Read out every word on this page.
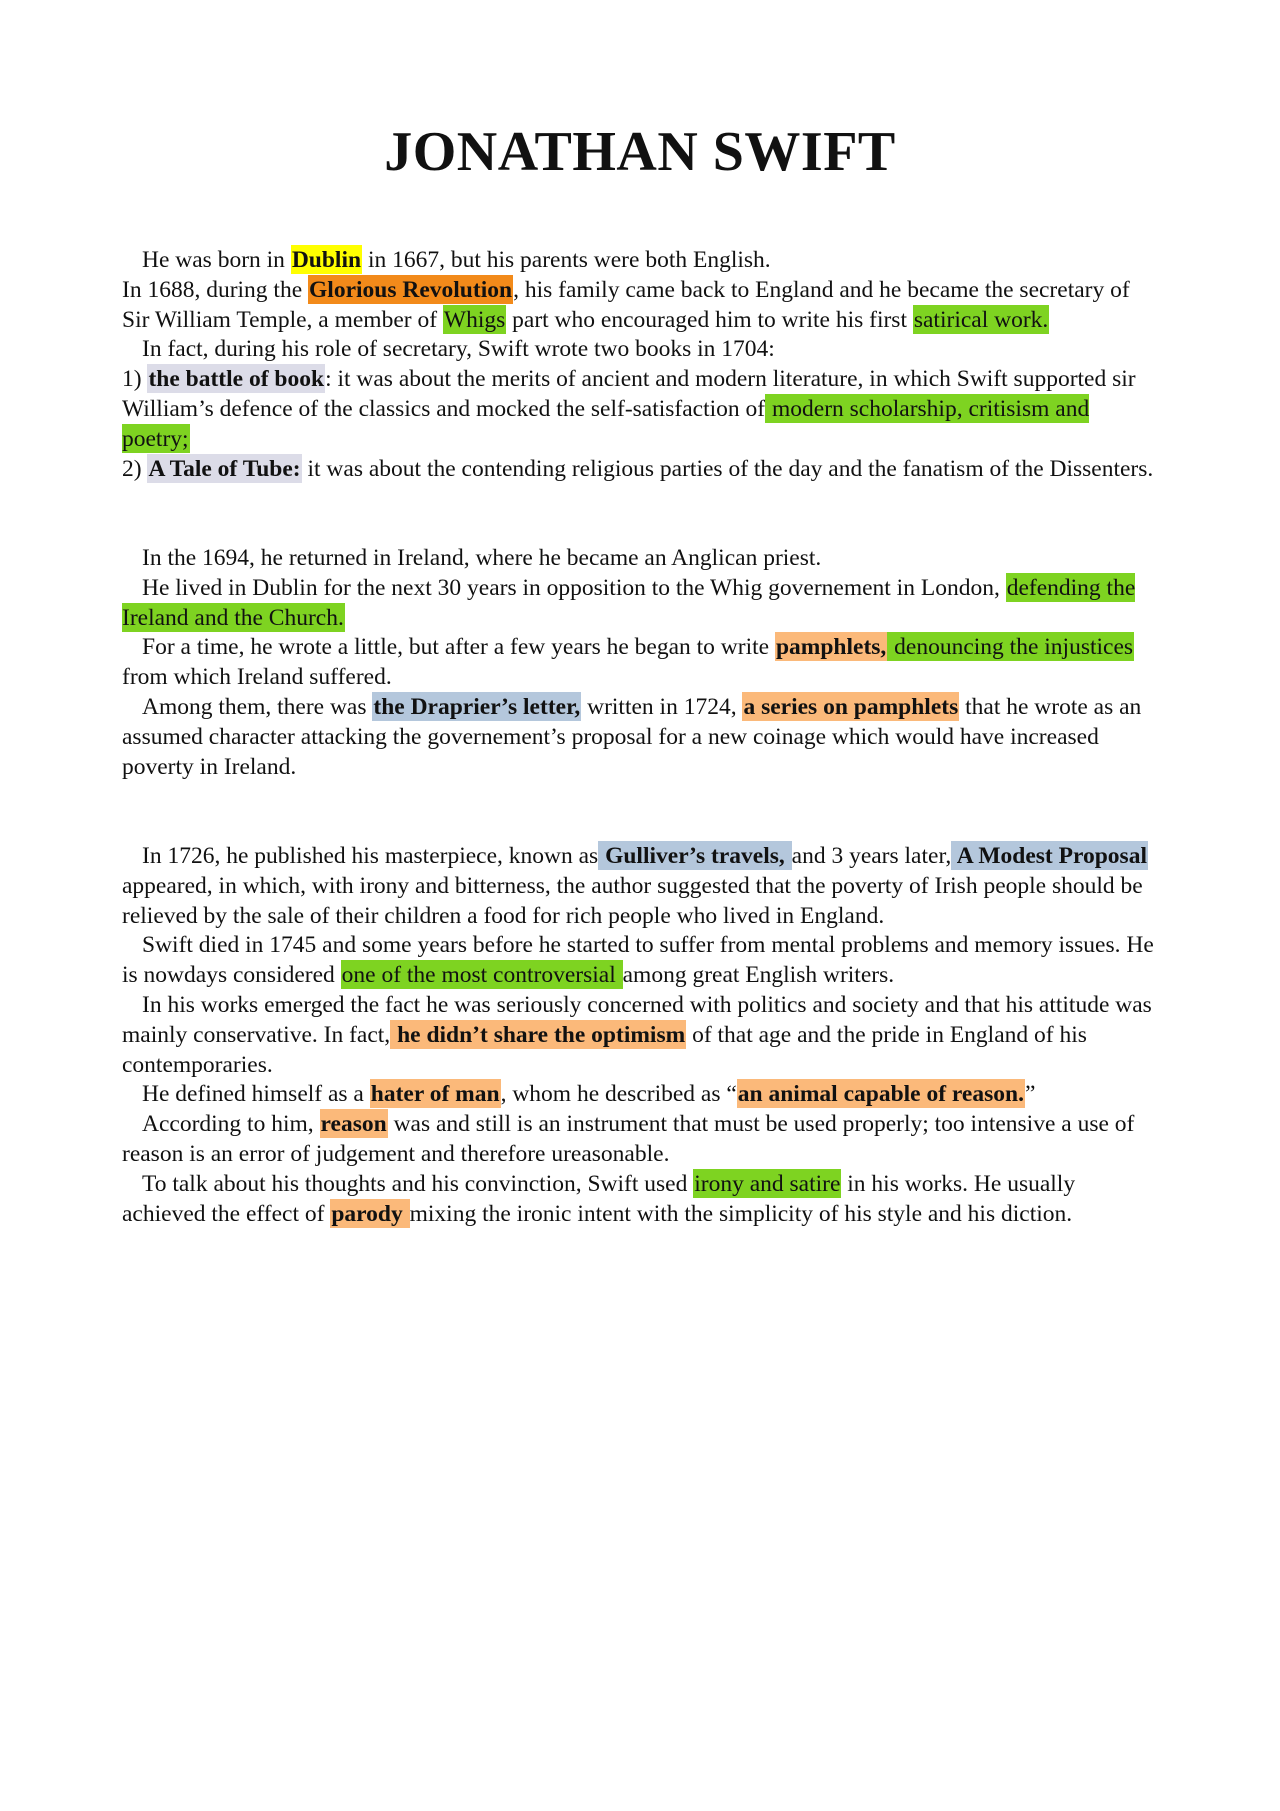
JONATHAN SWIFT

He was born in Dublin in 1667, but his parents were both English.

In 1688, during the Glorious Revolution, his family came back to England and he became the secretary of Sir William Temple, a member of Whigs part who encouraged him to write his first satirical work.

In fact, during his role of secretary, Swift wrote two books in 1704:

1) the battle of book: it was about the merits of ancient and modern literature, in which Swift supported sir William’s defence of the classics and mocked the self-satisfaction of modern scholarship, critisism and poetry;

2) A Tale of Tube: it was about the contending religious parties of the day and the fanatism of the Dissenters.

In the 1694, he returned in Ireland, where he became an Anglican priest.

He lived in Dublin for the next 30 years in opposition to the Whig governement in London, defending the Ireland and the Church.

For a time, he wrote a little, but after a few years he began to write pamphlets, denouncing the injustices from which Ireland suffered.

Among them, there was the Draprier’s letter, written in 1724, a series on pamphlets that he wrote as an assumed character attacking the governement’s proposal for a new coinage which would have increased poverty in Ireland.

In 1726, he published his masterpiece, known as Gulliver’s travels, and 3 years later, A Modest Proposal appeared, in which, with irony and bitterness, the author suggested that the poverty of Irish people should be relieved by the sale of their children a food for rich people who lived in England.

Swift died in 1745 and some years before he started to suffer from mental problems and memory issues. He is nowdays considered one of the most controversial among great English writers.

In his works emerged the fact he was seriously concerned with politics and society and that his attitude was mainly conservative. In fact, he didn’t share the optimism of that age and the pride in England of his contemporaries.

He defined himself as a hater of man, whom he described as “an animal capable of reason.”

According to him, reason was and still is an instrument that must be used properly; too intensive a use of reason is an error of judgement and therefore ureasonable.

To talk about his thoughts and his convinction, Swift used irony and satire in his works. He usually achieved the effect of parody mixing the ironic intent with the simplicity of his style and his diction.
